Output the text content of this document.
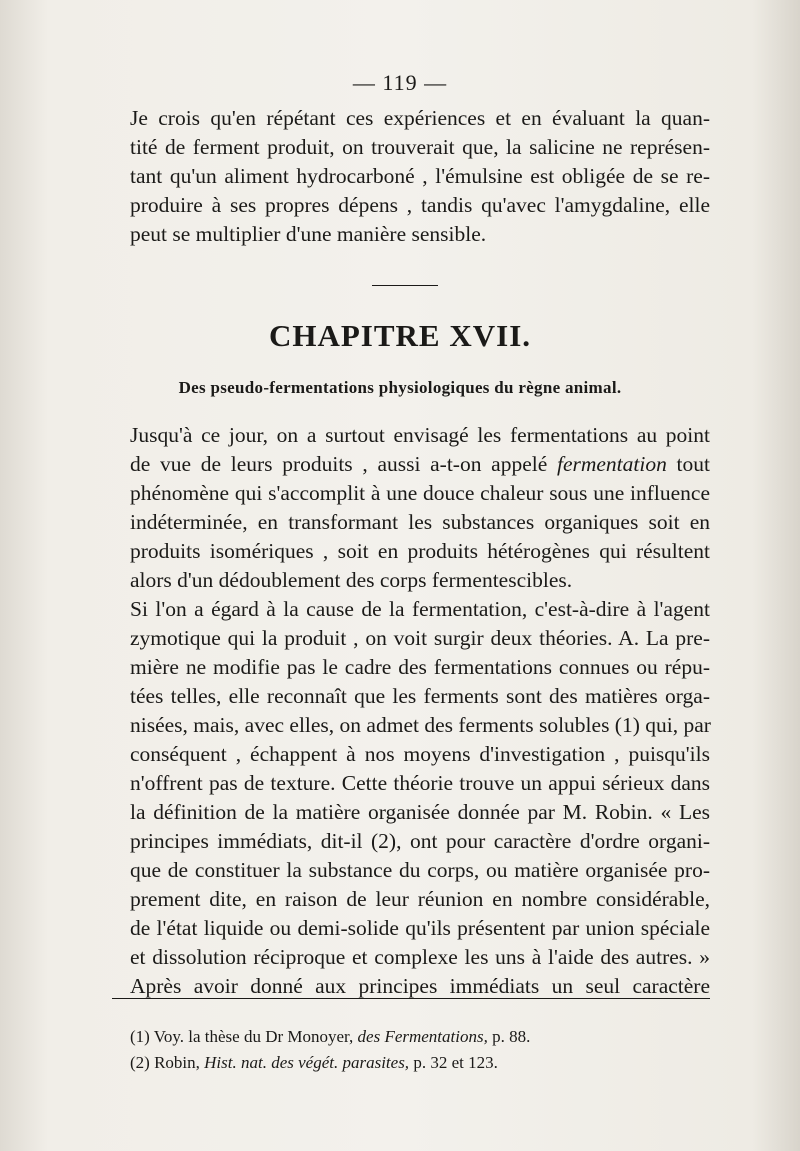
— 119 —
Je crois qu'en répétant ces expériences et en évaluant la quan-
tité de ferment produit, on trouverait que, la salicine ne représen-
tant qu'un aliment hydrocarboné , l'émulsine est obligée de se re-
produire à ses propres dépens , tandis qu'avec l'amygdaline, elle
peut se multiplier d'une manière sensible.
CHAPITRE XVII.
Des pseudo-fermentations physiologiques du règne animal.
Jusqu'à ce jour, on a surtout envisagé les fermentations au point
de vue de leurs produits , aussi a-t-on appelé fermentation tout
phénomène qui s'accomplit à une douce chaleur sous une influence
indéterminée, en transformant les substances organiques soit en
produits isomériques , soit en produits hétérogènes qui résultent
alors d'un dédoublement des corps fermentescibles.
Si l'on a égard à la cause de la fermentation, c'est-à-dire à l'agent
zymotique qui la produit , on voit surgir deux théories. A. La pre-
mière ne modifie pas le cadre des fermentations connues ou répu-
tées telles, elle reconnaît que les ferments sont des matières orga-
nisées, mais, avec elles, on admet des ferments solubles (1) qui, par
conséquent , échappent à nos moyens d'investigation , puisqu'ils
n'offrent pas de texture. Cette théorie trouve un appui sérieux dans
la définition de la matière organisée donnée par M. Robin. « Les
principes immédiats, dit-il (2), ont pour caractère d'ordre organi-
que de constituer la substance du corps, ou matière organisée pro-
prement dite, en raison de leur réunion en nombre considérable,
de l'état liquide ou demi-solide qu'ils présentent par union spéciale
et dissolution réciproque et complexe les uns à l'aide des autres. »
Après avoir donné aux principes immédiats un seul caractère
(1) Voy. la thèse du Dr Monoyer, des Fermentations, p. 88.
(2) Robin, Hist. nat. des végét. parasites, p. 32 et 123.
